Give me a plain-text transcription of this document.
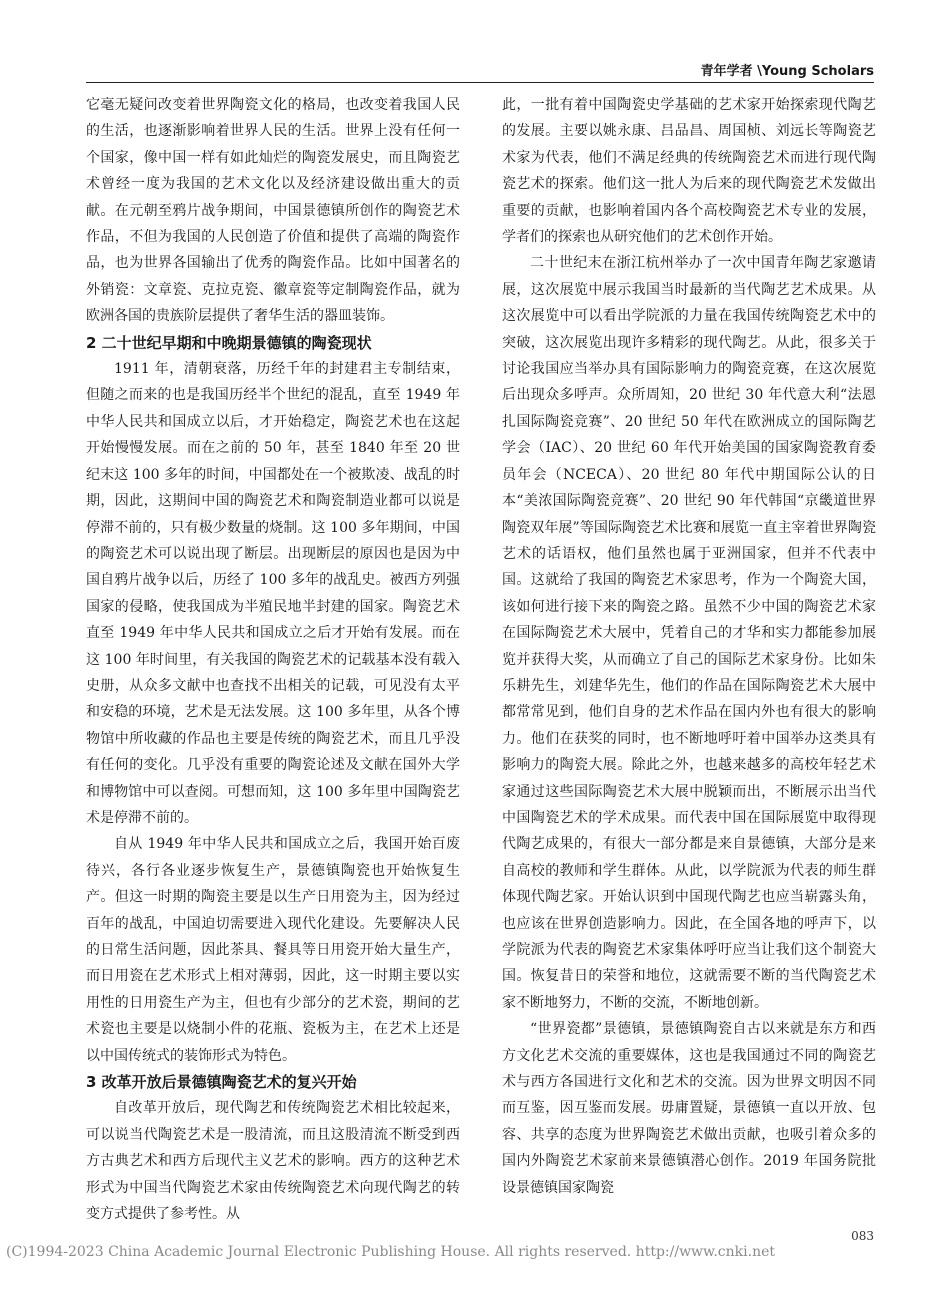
青年学者 \Young Scholars

它毫无疑问改变着世界陶瓷文化的格局，也改变着我国人民的生活，也逐渐影响着世界人民的生活。世界上没有任何一个国家，像中国一样有如此灿烂的陶瓷发展史，而且陶瓷艺术曾经一度为我国的艺术文化以及经济建设做出重大的贡献。在元朝至鸦片战争期间，中国景德镇所创作的陶瓷艺术作品，不但为我国的人民创造了价值和提供了高端的陶瓷作品，也为世界各国输出了优秀的陶瓷作品。比如中国著名的外销瓷：文章瓷、克拉克瓷、徽章瓷等定制陶瓷作品，就为欧洲各国的贵族阶层提供了奢华生活的器皿装饰。

2 二十世纪早期和中晚期景德镇的陶瓷现状

1911 年，清朝衰落，历经千年的封建君主专制结束，但随之而来的也是我国历经半个世纪的混乱，直至 1949 年中华人民共和国成立以后，才开始稳定，陶瓷艺术也在这起开始慢慢发展。而在之前的 50 年，甚至 1840 年至 20 世纪末这 100 多年的时间，中国都处在一个被欺凌、战乱的时期，因此，这期间中国的陶瓷艺术和陶瓷制造业都可以说是停滞不前的，只有极少数量的烧制。这 100 多年期间，中国的陶瓷艺术可以说出现了断层。出现断层的原因也是因为中国自鸦片战争以后，历经了 100 多年的战乱史。被西方列强国家的侵略，使我国成为半殖民地半封建的国家。陶瓷艺术直至 1949 年中华人民共和国成立之后才开始有发展。而在这 100 年时间里，有关我国的陶瓷艺术的记载基本没有载入史册，从众多文献中也查找不出相关的记载，可见没有太平和安稳的环境，艺术是无法发展。这 100 多年里，从各个博物馆中所收藏的作品也主要是传统的陶瓷艺术，而且几乎没有任何的变化。几乎没有重要的陶瓷论述及文献在国外大学和博物馆中可以查阅。可想而知，这 100 多年里中国陶瓷艺术是停滞不前的。

自从 1949 年中华人民共和国成立之后，我国开始百废待兴，各行各业逐步恢复生产，景德镇陶瓷也开始恢复生产。但这一时期的陶瓷主要是以生产日用瓷为主，因为经过百年的战乱，中国迫切需要进入现代化建设。先要解决人民的日常生活问题，因此茶具、餐具等日用瓷开始大量生产，而日用瓷在艺术形式上相对薄弱，因此，这一时期主要以实用性的日用瓷生产为主，但也有少部分的艺术瓷，期间的艺术瓷也主要是以烧制小件的花瓶、瓷板为主，在艺术上还是以中国传统式的装饰形式为特色。

3 改革开放后景德镇陶瓷艺术的复兴开始

自改革开放后，现代陶艺和传统陶瓷艺术相比较起来，可以说当代陶瓷艺术是一股清流，而且这股清流不断受到西方古典艺术和西方后现代主义艺术的影响。西方的这种艺术形式为中国当代陶瓷艺术家由传统陶瓷艺术向现代陶艺的转变方式提供了参考性。从

此，一批有着中国陶瓷史学基础的艺术家开始探索现代陶艺的发展。主要以姚永康、吕品昌、周国桢、刘远长等陶瓷艺术家为代表，他们不满足经典的传统陶瓷艺术而进行现代陶瓷艺术的探索。他们这一批人为后来的现代陶瓷艺术发做出重要的贡献，也影响着国内各个高校陶瓷艺术专业的发展，学者们的探索也从研究他们的艺术创作开始。

二十世纪末在浙江杭州举办了一次中国青年陶艺家邀请展，这次展览中展示我国当时最新的当代陶艺艺术成果。从这次展览中可以看出学院派的力量在我国传统陶瓷艺术中的突破，这次展览出现许多精彩的现代陶艺。从此，很多关于讨论我国应当举办具有国际影响力的陶瓷竞赛，在这次展览后出现众多呼声。众所周知，20 世纪 30 年代意大利“法恩扎国际陶瓷竞赛”、20 世纪 50 年代在欧洲成立的国际陶艺学会（IAC）、20 世纪 60 年代开始美国的国家陶瓷教育委员年会（NCECA）、20 世纪 80 年代中期国际公认的日本“美浓国际陶瓷竞赛”、20 世纪 90 年代韩国“京畿道世界陶瓷双年展”等国际陶瓷艺术比赛和展览一直主宰着世界陶瓷艺术的话语权，他们虽然也属于亚洲国家，但并不代表中国。这就给了我国的陶瓷艺术家思考，作为一个陶瓷大国，该如何进行接下来的陶瓷之路。虽然不少中国的陶瓷艺术家在国际陶瓷艺术大展中，凭着自己的才华和实力都能参加展览并获得大奖，从而确立了自己的国际艺术家身份。比如朱乐耕先生，刘建华先生，他们的作品在国际陶瓷艺术大展中都常常见到，他们自身的艺术作品在国内外也有很大的影响力。他们在获奖的同时，也不断地呼吁着中国举办这类具有影响力的陶瓷大展。除此之外，也越来越多的高校年轻艺术家通过这些国际陶瓷艺术大展中脱颖而出，不断展示出当代中国陶瓷艺术的学术成果。而代表中国在国际展览中取得现代陶艺成果的，有很大一部分都是来自景德镇，大部分是来自高校的教师和学生群体。从此，以学院派为代表的师生群体现代陶艺家。开始认识到中国现代陶艺也应当崭露头角，也应该在世界创造影响力。因此，在全国各地的呼声下，以学院派为代表的陶瓷艺术家集体呼吁应当让我们这个制瓷大国。恢复昔日的荣誉和地位，这就需要不断的当代陶瓷艺术家不断地努力，不断的交流，不断地创新。

“世界瓷都”景德镇，景德镇陶瓷自古以来就是东方和西方文化艺术交流的重要媒体，这也是我国通过不同的陶瓷艺术与西方各国进行文化和艺术的交流。因为世界文明因不同而互鉴，因互鉴而发展。毋庸置疑，景德镇一直以开放、包容、共享的态度为世界陶瓷艺术做出贡献，也吸引着众多的国内外陶瓷艺术家前来景德镇潜心创作。2019 年国务院批设景德镇国家陶瓷

083
(C)1994-2023 China Academic Journal Electronic Publishing House. All rights reserved. http://www.cnki.net
